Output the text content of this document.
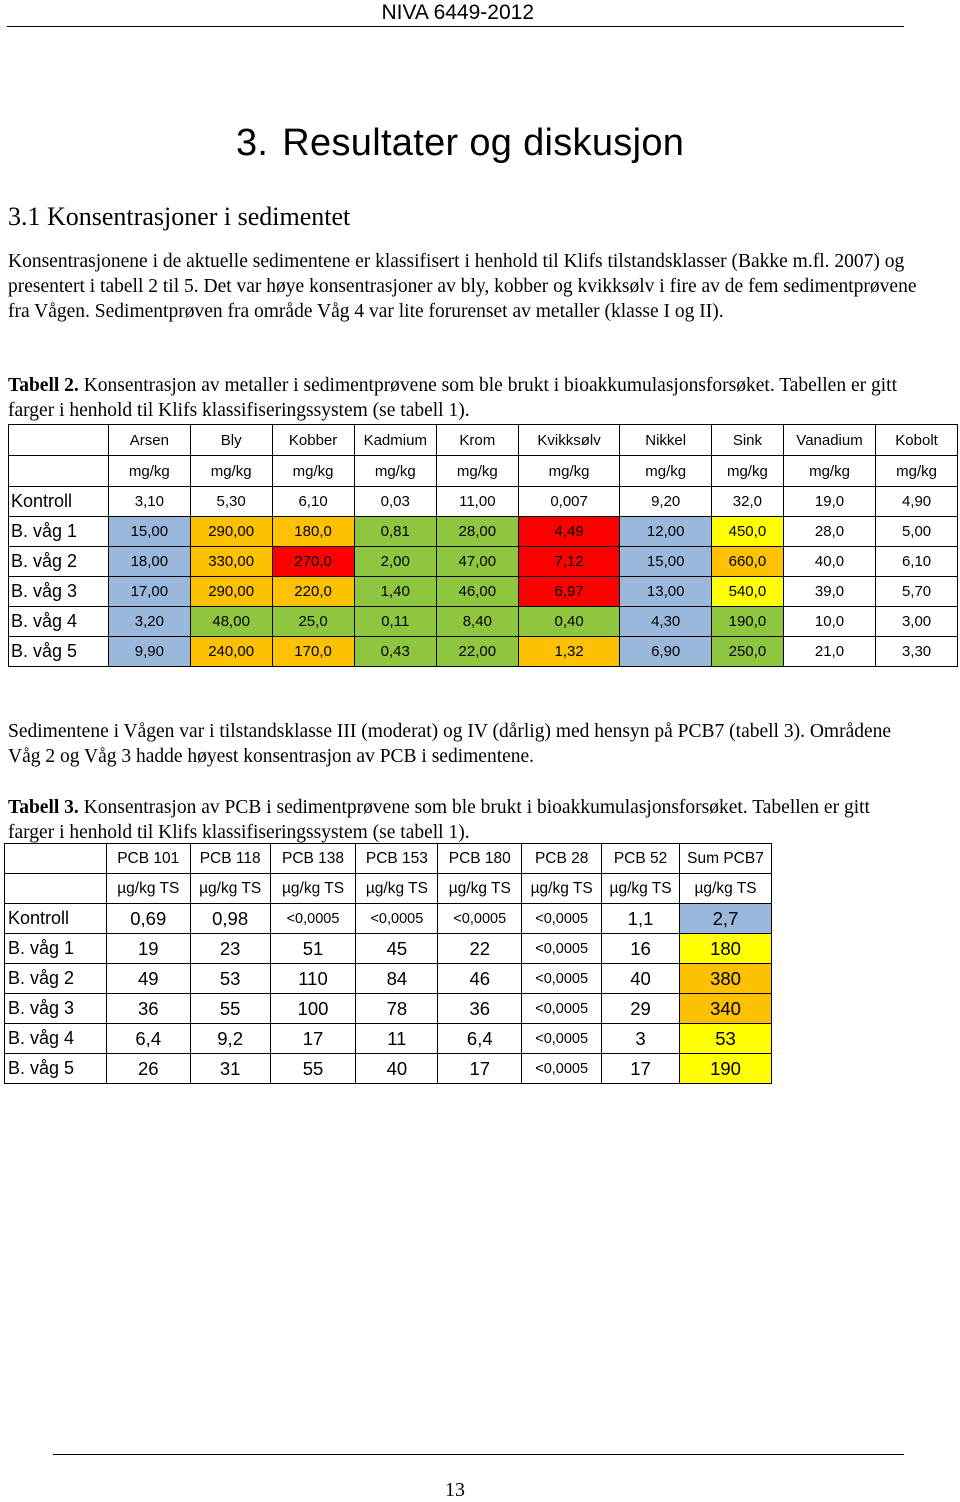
NIVA 6449-2012
3. Resultater og diskusjon
3.1 Konsentrasjoner i sedimentet
Konsentrasjonene i de aktuelle sedimentene er klassifisert i henhold til Klifs tilstandsklasser (Bakke m.fl. 2007) og presentert i tabell 2 til 5. Det var høye konsentrasjoner av bly, kobber og kvikksølv i fire av de fem sedimentprøvene fra Vågen. Sedimentprøven fra område Våg 4 var lite forurenset av metaller (klasse I og II).
Tabell 2. Konsentrasjon av metaller i sedimentprøvene som ble brukt i bioakkumulasjonsforsøket. Tabellen er gitt farger i henhold til Klifs klassifiseringssystem (se tabell 1).
	Arsen	Bly	Kobber	Kadmium	Krom	Kvikksølv	Nikkel	Sink	Vanadium	Kobolt
	mg/kg	mg/kg	mg/kg	mg/kg	mg/kg	mg/kg	mg/kg	mg/kg	mg/kg	mg/kg
Kontroll	3,10	5,30	6,10	0,03	11,00	0,007	9,20	32,0	19,0	4,90
B. våg 1	15,00	290,00	180,0	0,81	28,00	4,49	12,00	450,0	28,0	5,00
B. våg 2	18,00	330,00	270,0	2,00	47,00	7,12	15,00	660,0	40,0	6,10
B. våg 3	17,00	290,00	220,0	1,40	46,00	6,97	13,00	540,0	39,0	5,70
B. våg 4	3,20	48,00	25,0	0,11	8,40	0,40	4,30	190,0	10,0	3,00
B. våg 5	9,90	240,00	170,0	0,43	22,00	1,32	6,90	250,0	21,0	3,30
Sedimentene i Vågen var i tilstandsklasse III (moderat) og IV (dårlig) med hensyn på PCB7 (tabell 3). Områdene Våg 2 og Våg 3 hadde høyest konsentrasjon av PCB i sedimentene.
Tabell 3. Konsentrasjon av PCB i sedimentprøvene som ble brukt i bioakkumulasjonsforsøket. Tabellen er gitt farger i henhold til Klifs klassifiseringssystem (se tabell 1).
	PCB 101	PCB 118	PCB 138	PCB 153	PCB 180	PCB 28	PCB 52	Sum PCB7
	µg/kg TS	µg/kg TS	µg/kg TS	µg/kg TS	µg/kg TS	µg/kg TS	µg/kg TS	µg/kg TS
Kontroll	0,69	0,98	<0,0005	<0,0005	<0,0005	<0,0005	1,1	2,7
B. våg 1	19	23	51	45	22	<0,0005	16	180
B. våg 2	49	53	110	84	46	<0,0005	40	380
B. våg 3	36	55	100	78	36	<0,0005	29	340
B. våg 4	6,4	9,2	17	11	6,4	<0,0005	3	53
B. våg 5	26	31	55	40	17	<0,0005	17	190
13
